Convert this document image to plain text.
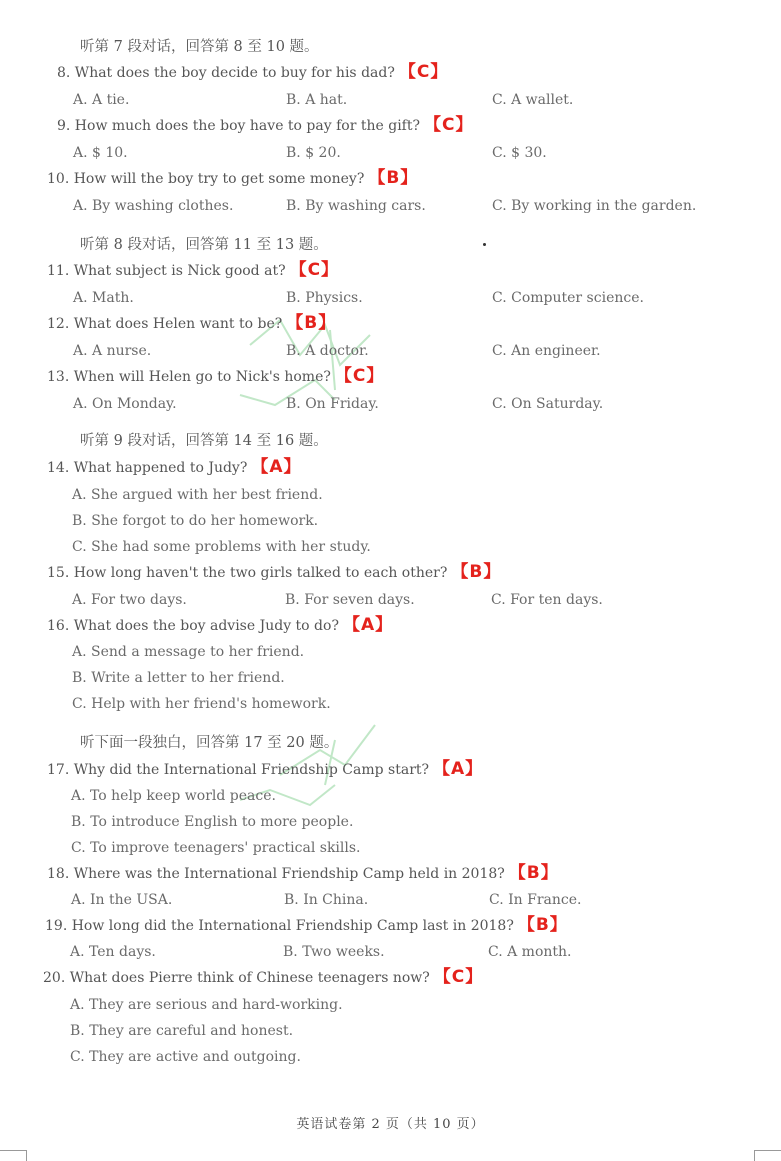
听第 7 段对话，回答第 8 至 10 题。
8. What does the boy decide to buy for his dad? 【C】
A. A tie.	B. A hat.	C. A wallet.
9. How much does the boy have to pay for the gift? 【C】
A. $ 10.	B. $ 20.	C. $ 30.
10. How will the boy try to get some money? 【B】
A. By washing clothes.	B. By washing cars.	C. By working in the garden.
听第 8 段对话，回答第 11 至 13 题。
11. What subject is Nick good at? 【C】
A. Math.	B. Physics.	C. Computer science.
12. What does Helen want to be? 【B】
A. A nurse.	B. A doctor.	C. An engineer.
13. When will Helen go to Nick's home? 【C】
A. On Monday.	B. On Friday.	C. On Saturday.
听第 9 段对话，回答第 14 至 16 题。
14. What happened to Judy? 【A】
A. She argued with her best friend.
B. She forgot to do her homework.
C. She had some problems with her study.
15. How long haven't the two girls talked to each other? 【B】
A. For two days.	B. For seven days.	C. For ten days.
16. What does the boy advise Judy to do? 【A】
A. Send a message to her friend.
B. Write a letter to her friend.
C. Help with her friend's homework.
听下面一段独白，回答第 17 至 20 题。
17. Why did the International Friendship Camp start? 【A】
A. To help keep world peace.
B. To introduce English to more people.
C. To improve teenagers' practical skills.
18. Where was the International Friendship Camp held in 2018? 【B】
A. In the USA.	B. In China.	C. In France.
19. How long did the International Friendship Camp last in 2018? 【B】
A. Ten days.	B. Two weeks.	C. A month.
20. What does Pierre think of Chinese teenagers now? 【C】
A. They are serious and hard-working.
B. They are careful and honest.
C. They are active and outgoing.
英语试卷第 2 页（共 10 页）
